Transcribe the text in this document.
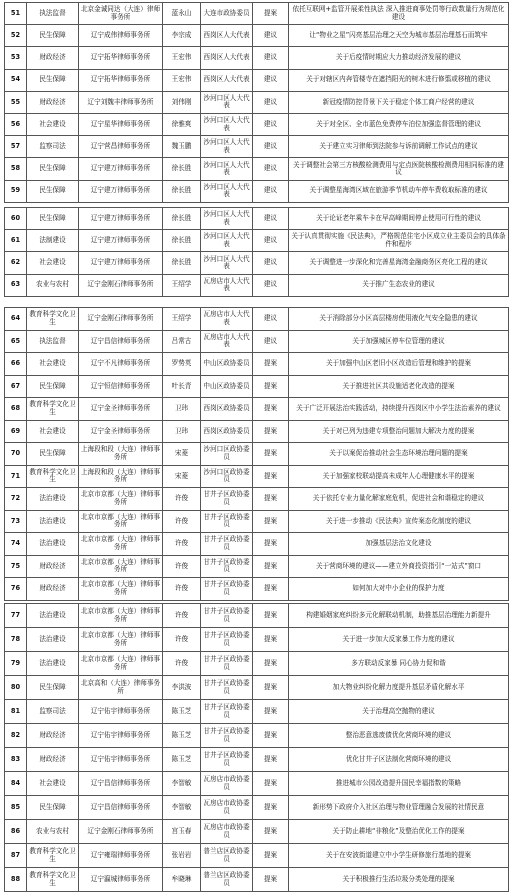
51	执法监督	北京金诚同达（大连）律师事务所	蓝永山	大连市政协委员	提案	依托互联网+监管开展柔性执法 深入推进商事处罚等行政数量行为规范化建设
52	民生保障	辽宁成伟律师事务所	李宗成	西岗区人大代表	建议	让“物业之星”闪亮基层治理之天空为城市基层治理基石而筑牢
53	财政经济	辽宁拓华律师事务所	王宏伟	西岗区人大代表	建议	关于后疫情时期应大力推动经济发展的建议
54	民生保障	辽宁拓华律师事务所	王宏伟	西岗区人大代表	建议	关于对辖区内奔管楼寺在遮挡阳光的树木进行修翦或移植的建议
55	财政经济	辽宁刘魏丰律师事务所	刘伟刚	沙河口区人大代表	建议	新冠疫情防控背景下关于稳定个体工商户经营的建议
56	社会建设	辽宁星华律师事务所	徐雅爽	沙河口区人大代表	建议	关于对全区、全市蓝色免费停车泊位加强监督管理的建议
57	监察司法	辽宁营昌律师事务所	魏玉鹏	沙河口区人大代表	建议	关于建立实习律师到法院参与诉前调解工作试点的建议
58	民生保障	辽宁建万律师事务所	徐长胜	沙河口区人大代表	建议	关于调整社会第三方核酸检测费用与定点医院核酸检测费用相同标准的建议
59	民生保障	辽宁建万律师事务所	徐长胜	沙河口区人大代表	建议	关于调整星海湾区域在旅游季节机动车停车费收取标准的建议
60	民生保障	辽宁建万律师事务所	徐长胜	沙河口区人大代表	建议	关于论证老年乘车卡在早高峰期间停止使用可行性的建议
61	法制建设	辽宁建万律师事务所	徐长胜	沙河口区人大代表	建议	关于认真贯彻实施《民法典》，严格规范住宅小区成立业主委员会的具体条件和程序
62	社会建设	辽宁建万律师事务所	徐长胜	沙河口区人大代表	建议	关于调整进一步深化和完善星海湾金融商务区亮化工程的建议
63	农业与农村	辽宁金刚石律师事务所	王绍学	瓦房店市人大代表	建议	关于推广生态农业的建议
64	教育科学文化卫生	辽宁金刚石律师事务所	王绍学	瓦房店市人大代表	建议	关于消除部分小区高层楼房使用液化气安全隐患的建议
65	执法监督	辽宁昌信律师事务所	吕常古	瓦房店市人大代表	建议	关于加强城区停车位管理的建议
66	社会建设	辽宁不凡律师事务所	罗势英	中山区政协委员	提案	关于加强中山区老旧小区改造后管理和维护的提案
67	民生保障	辽宁恒信律师事务所	叶长青	中山区政协委员	提案	关于推进社区共设施适老化改造的提案
68	教育科学文化卫生	辽宁金圣律师事务所	卫玮	西岗区政协委员	提案	关于广泛开展法治实践活动，持续提升西岗区中小学生法治素养的建议
69	社会建设	辽宁金圣律师事务所	卫玮	西岗区政协委员	提案	关于对已列为违建专项整治问题加大解决力度的提案
70	民生保障	上海段和段（大连）律师事务所	宋菱	沙河口区政协委员	提案	关于以案促治推动社会生态环境治理问题的提案
71	教育科学文化卫生	上海段和段（大连）律师事务所	宋菱	沙河口区政协委员	提案	关于加强家校联动提高未成年人心理健康水平的提案
72	法治建设	北京市京都（大连）律师事务所	许俊	甘井子区政协委员	提案	关于依托专业力量化解家庭危机，促进社会和谐稳定的建议
73	法治建设	北京市京都（大连）律师事务所	许俊	甘井子区政协委员	提案	关于进一步推动《民法典》宣传案态化制度的建议
74	法治建设	北京市京都（大连）律师事务所	许俊	甘井子区政协委员	提案	加强基层法治文化建设
75	财政经济	北京市京都（大连）律师事务所	许俊	甘井子区政协委员	提案	关于营商环境的建议——建立外商投资指引“一站式”窗口
76	财政经济	北京市京都（大连）律师事务所	许俊	甘井子区政协委员	提案	如何加大对中小企业的保护力度
77	法治建设	北京市京都（大连）律师事务所	许俊	甘井子区政协委员	提案	构建婚姻家庭纠纷多元化解联动机制，助推基层治理能力新提升
78	法治建设	北京市京都（大连）律师事务所	许俊	甘井子区政协委员	提案	关于进一步加大反家暴工作力度的建议
79	法治建设	北京市京都（大连）律师事务所	许俊	甘井子区政协委员	提案	多方联动反家暴 同心协力促和谐
80	民生保障	北京高和（大连）律师事务所	李洪波	甘井子区政协委员	提案	加大物业纠纷化解力度提升基层矛盾化解水平
81	监察司法	辽宁佑宇律师事务所	陈玉芝	甘井子区政协委员	提案	关于治理高空抛物的建议
82	财政经济	辽宁佑宇律师事务所	陈玉芝	甘井子区政协委员	提案	整治恶意逃废债优化营商环境的建议
83	财政经济	辽宁佑宇律师事务所	陈玉芝	甘井子区政协委员	提案	优化甘井子区法制化营商环境的建议
84	社会建设	辽宁昌信律师事务所	李智敏	瓦房店市政协委员	提案	推进城市公园改造提升国民幸福指数的策略
85	民生保障	辽宁昌信律师事务所	李智敏	瓦房店市政协委员	提案	新形势下政府介入社区治理与物业管理融合发展的社情民意
86	农业与农村	辽宁金刚石律师事务所	宫玉春	瓦房店市政协委员	提案	关于防止耕地“非粮化”及整治优化工作的提案
87	教育科学文化卫生	辽宁雍瑞律师事务所	张岩岩	普兰店区政协委员	提案	关于在安波街道建立中小学生研修旅行基地的提案
88	教育科学文化卫生	辽宁瀛城律师事务所	牟晓琳	普兰店区政协委员	提案	关于积极推行生活垃圾分类处理的提案
